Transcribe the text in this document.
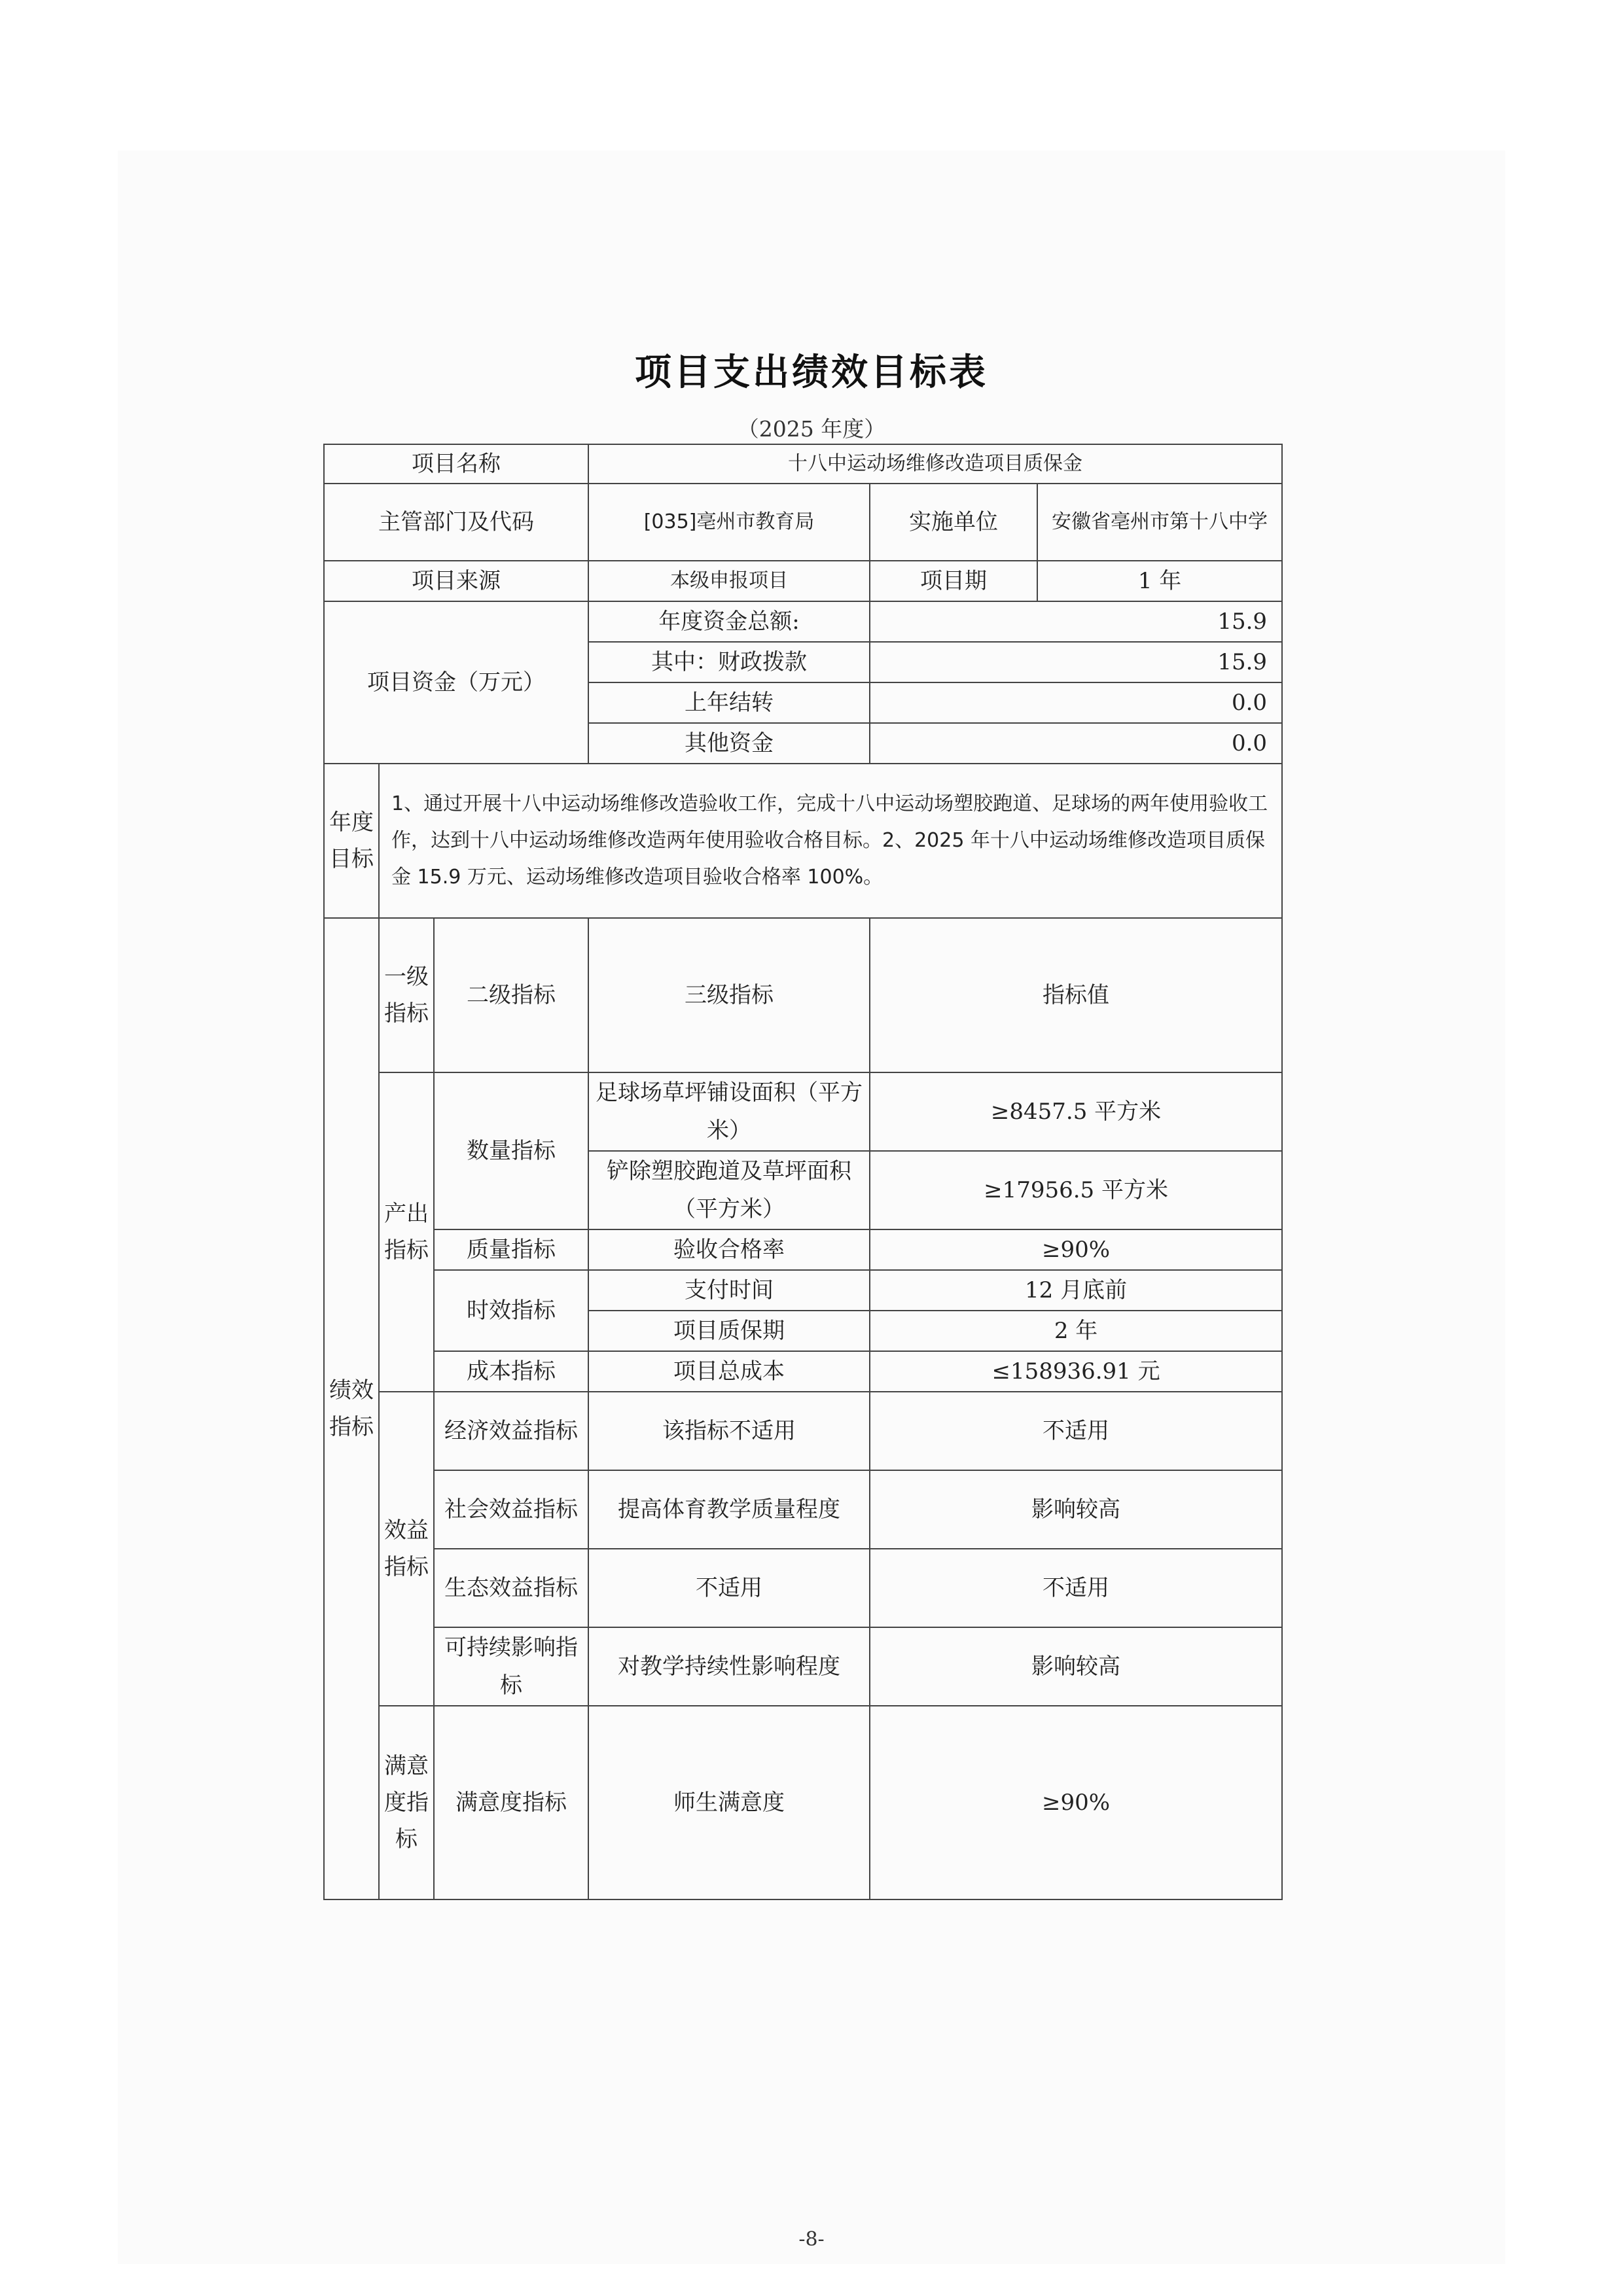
项目支出绩效目标表
（2025 年度）
项目名称			十八中运动场维修改造项目质保金		
主管部门及代码			[035]亳州市教育局	实施单位	安徽省亳州市第十八中学
项目来源			本级申报项目	项目期	1 年
项目资金（万元）			年度资金总额:	15.9	
			其中：财政拨款	15.9	
			上年结转	0.0	
			其他资金	0.0	
年度目标	1、通过开展十八中运动场维修改造验收工作，完成十八中运动场塑胶跑道、足球场的两年使用验收工作，达到十八中运动场维修改造两年使用验收合格目标。2、2025 年十八中运动场维修改造项目质保金 15.9 万元、运动场维修改造项目验收合格率 100%。				
绩效指标	一级指标	二级指标	三级指标	指标值	
	产出指标	数量指标	足球场草坪铺设面积（平方米）	≥8457.5 平方米	
			铲除塑胶跑道及草坪面积（平方米）	≥17956.5 平方米	
		质量指标	验收合格率	≥90%	
		时效指标	支付时间	12 月底前	
			项目质保期	2 年	
		成本指标	项目总成本	≤158936.91 元	
	效益指标	经济效益指标	该指标不适用	不适用	
		社会效益指标	提高体育教学质量程度	影响较高	
		生态效益指标	不适用	不适用	
		可持续影响指标	对教学持续性影响程度	影响较高	
	满意度指标	满意度指标	师生满意度	≥90%	
-8-
